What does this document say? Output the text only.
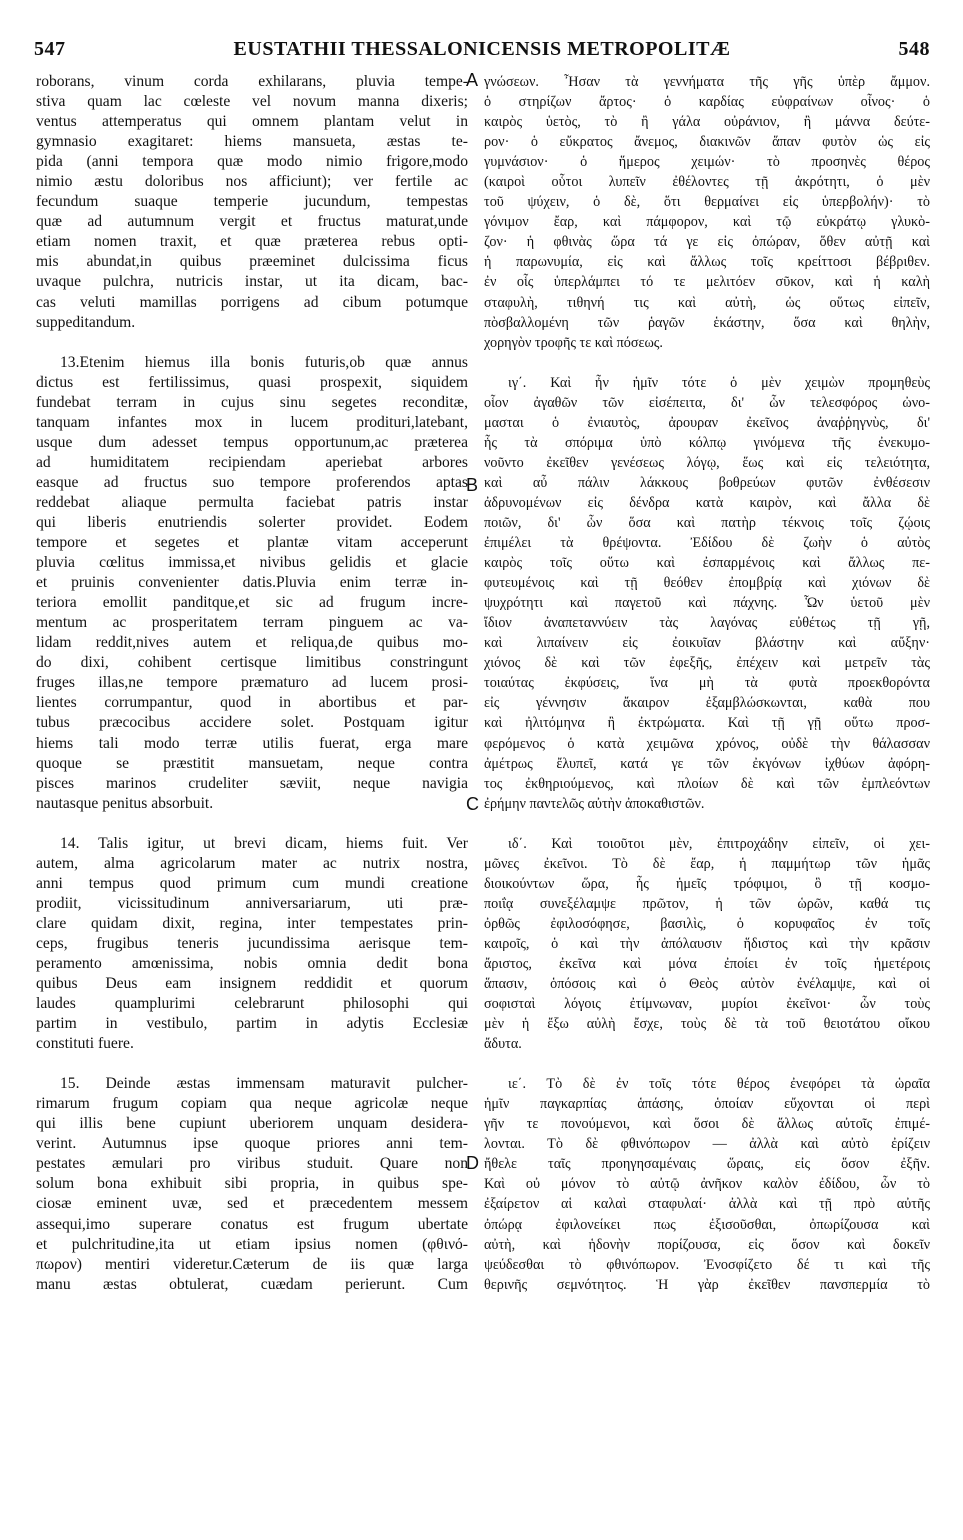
547	EUSTATHII THESSALONICENSIS METROPOLITÆ	548
roborans, vinum corda exhilarans, pluvia tempe-
stiva quam lac cœleste vel novum manna dixeris;
ventus attemperatus qui omnem plantam velut in
gymnasio exagitaret: hiems mansueta, æstas te-
pida (anni tempora quæ modo nimio frigore,modo
nimio æstu doloribus nos afficiunt); ver fertile ac
fecundum suaque temperie jucundum, tempestas
quæ ad autumnum vergit et fructus maturat,unde
etiam nomen traxit, et quæ præterea rebus opti-
mis abundat,in quibus præeminet dulcissima ficus
uvaque pulchra, nutricis instar, ut ita dicam, bac-
cas veluti mamillas porrigens ad cibum potumque
suppeditandum.
13.Etenim hiemus illa bonis futuris,ob quæ annus
dictus est fertilissimus, quasi prospexit, siquidem
fundebat terram in cujus sinu segetes reconditæ,
tanquam infantes mox in lucem prodituri,latebant,
usque dum adesset tempus opportunum,ac præterea
ad humiditatem recipiendam aperiebat arbores
easque ad fructus suo tempore proferendos aptas
reddebat aliaque permulta faciebat patris instar
qui liberis enutriendis solerter providet. Eodem
tempore et segetes et plantæ vitam acceperunt
pluvia cœlitus immissa,et nivibus gelidis et glacie
et pruinis convenienter datis.Pluvia enim terræ in-
teriora emollit panditque,et sic ad frugum incre-
mentum ac prosperitatem terram pinguem ac va-
lidam reddit,nives autem et reliqua,de quibus mo-
do dixi, cohibent certisque limitibus constringunt
fruges illas,ne tempore præmaturo ad lucem prosi-
lientes corrumpantur, quod in abortibus et par-
tubus præcocibus accidere solet. Postquam igitur
hiems tali modo terræ utilis fuerat, erga mare
quoque se præstitit mansuetam, neque contra
pisces marinos crudeliter sæviit, neque navigia
nautasque penitus absorbuit.
14. Talis igitur, ut brevi dicam, hiems fuit. Ver
autem, alma agricolarum mater ac nutrix nostra,
anni tempus quod primum cum mundi creatione
prodiit, vicissitudinum anniversariarum, uti præ-
clare quidam dixit, regina, inter tempestates prin-
ceps, frugibus teneris jucundissima aerisque tem-
peramento amœnissima, nobis omnia dedit bona
quibus Deus eam insignem reddidit et quorum
laudes quamplurimi celebrarunt philosophi qui
partim in vestibulo, partim in adytis Ecclesiæ
constituti fuere.
15. Deinde æstas immensam maturavit pulcher-
rimarum frugum copiam qua neque agricolæ neque
qui illis bene cupiunt uberiorem unquam desidera-
verint. Autumnus ipse quoque priores anni tem-
pestates æmulari pro viribus studuit. Quare non
solum bona exhibuit sibi propria, in quibus spe-
ciosæ eminent uvæ, sed et præcedentem messem
assequi,imo superare conatus est frugum ubertate
et pulchritudine,ita ut etiam ipsius nomen (φθινό-
πωρον) mentiri videretur.Cæterum de iis quæ larga
manu æstas obtulerat, cuædam perierunt. Cum
γνώσεων. Ἦσαν τὰ γεννήματα τῆς γῆς ὑπὲρ ἄμμον.
ὁ στηρίζων ἄρτος· ὁ καρδίας εὐφραίνων οἶνος· ὁ
καιρὸς ὑετὸς, τὸ ἢ γάλα οὐράνιον, ἢ μάννα δεύτε-
ρον· ὁ εὔκρατος ἄνεμος, διακινῶν ἅπαν φυτὸν ὡς εἰς
γυμνάσιον· ὁ ἥμερος χειμών· τὸ προσηνὲς θέρος
(καιροὶ οὗτοι λυπεῖν ἐθέλοντες τῇ ἀκρότητι, ὁ μὲν
τοῦ ψύχειν, ὁ δὲ, ὅτι θερμαίνει εἰς ὑπερβολήν)· τὸ
γόνιμον ἔαρ, καὶ πάμφορον, καὶ τῷ εὐκράτῳ γλυκὸ-
ζον· ἡ φθινὰς ὥρα τά γε εἰς ὀπώραν, ὅθεν αὐτῇ καὶ
ἡ παρωνυμία, εἰς καὶ ἄλλως τοῖς κρείττοσι βέβριθεν.
ἐν οἷς ὑπερλάμπει τό τε μελιτόεν σῦκον, καὶ ἡ καλὴ
σταφυλὴ, τιθηνή τις καὶ αὐτὴ, ὡς οὕτως εἰπεῖν,
πὸσβαλλομένη τῶν ῥαγῶν ἑκάστην, ὅσα καὶ θηλὴν,
χορηγὸν τροφῆς τε καὶ πόσεως.
ιγ΄. Καὶ ἦν ἡμῖν τότε ὁ μὲν χειμὼν προμηθεὺς
οἷον ἀγαθῶν τῶν εἰσέπειτα, δι' ὧν τελεσφόρος ὠνο-
μασται ὁ ἐνιαυτὸς, ἀρουραν ἐκεῖνος ἀναῤῥηγνὺς, δι'
ἧς τὰ σπόριμα ὑπὸ κόλπῳ γινόμενα τῆς ἐνεκυμο-
νοῦντο ἐκεῖθεν γενέσεως λόγῳ, ἕως καὶ εἰς τελειότητα,
καὶ αὖ πάλιν λάκκους βοθρεύων φυτῶν ἐνθέσεσιν
ἀδρυνομένων εἰς δένδρα κατὰ καιρὸν, καὶ ἄλλα δὲ
ποιῶν, δι' ὧν ὅσα καὶ πατὴρ τέκνοις τοῖς ζῴοις
ἐπιμέλει τὰ θρέψοντα. Ἐδίδου δὲ ζωὴν ὁ αὐτὸς
καιρὸς τοῖς οὕτω καὶ ἐσπαρμένοις καὶ ἄλλως πε-
φυτευμένοις καὶ τῇ θεόθεν ἐπομβρίᾳ καὶ χιόνων δὲ
ψυχρότητι καὶ παγετοῦ καὶ πάχνης. Ὧν ὑετοῦ μὲν
ἴδιον ἀναπεταννύειν τὰς λαγόνας εὐθέτως τῇ γῇ,
καὶ λιπαίνειν εἰς ἐοικυῖαν βλάστην καὶ αὔξην·
χιόνος δὲ καὶ τῶν ἐφεξῆς, ἐπέχειν καὶ μετρεῖν τὰς
τοιαύτας ἐκφύσεις, ἵνα μὴ τὰ φυτὰ προεκθορόντα
εἰς γέννησιν ἄκαιρον ἐξαμβλώσκωνται, καθὰ που
καὶ ἠλιτόμηνα ἢ ἐκτρώματα. Καὶ τῇ γῇ οὕτω προσ-
φερόμενος ὁ κατὰ χειμῶνα χρόνος, οὐδὲ τὴν θάλασσαν
ἀμέτρως ἔλυπεῖ, κατά γε τῶν ἐκγόνων ἰχθύων ἀφόρη-
τος ἐκθηριούμενος, καὶ πλοίων δὲ καὶ τῶν ἐμπλεόντων
ἐρήμην παντελῶς αὐτὴν ἀποκαθιστῶν.
ιδ΄. Καὶ τοιοῦτοι μὲν, ἐπιτροχάδην εἰπεῖν, οἱ χει-
μῶνες ἐκεῖνοι. Τὸ δὲ ἔαρ, ἡ παμμήτωρ τῶν ἡμᾶς
διοικούντων ὥρα, ἧς ἡμεῖς τρόφιμοι, ὃ τῇ κοσμο-
ποιΐᾳ συνεξέλαμψε πρῶτον, ἡ τῶν ὡρῶν, καθά τις
ὀρθῶς ἐφιλοσόφησε, βασιλὶς, ὁ κορυφαῖος ἐν τοῖς
καιροῖς, ὁ καὶ τὴν ἀπόλαυσιν ἥδιστος καὶ τὴν κρᾶσιν
ἄριστος, ἐκεῖνα καὶ μόνα ἐποίει ἐν τοῖς ἡμετέροις
ἅπασιν, ὁπόσοις καὶ ὁ Θεὸς αὐτὸν ἐνέλαμψε, καὶ οἱ
σοφισταὶ λόγοις ἐτίμνωναν, μυρίοι ἐκεῖνοι· ὧν τοὺς
μὲν ἡ ἔξω αὐλὴ ἔσχε, τοὺς δὲ τὰ τοῦ θειοτάτου οἴκου
ἄδυτα.
ιε΄. Τὸ δὲ ἐν τοῖς τότε θέρος ἐνεφόρει τὰ ὡραῖα
ἡμῖν παγκαρπίας ἁπάσης, ὁποίαν εὔχονται οἱ περὶ
γῆν τε πονούμενοι, καὶ ὅσοι δὲ ἄλλως αὐτοῖς ἐπιμέ-
λονται. Τὸ δὲ φθινόπωρον — ἀλλὰ καὶ αὐτὸ ἐρίζειν
ἤθελε ταῖς προηγησαμέναις ὥραις, εἰς ὅσον ἐξῆν.
Καὶ οὐ μόνον τὸ αὐτῷ ἀνῆκον καλὸν ἐδίδου, ὧν τὸ
ἐξαίρετον αἱ καλαὶ σταφυλαί· ἀλλὰ καὶ τῇ πρὸ αὐτῆς
ὀπώρᾳ ἐφιλονείκει πως ἐξισοῦσθαι, ὀπωρίζουσα καὶ
αὐτὴ, καὶ ἡδονὴν πορίζουσα, εἰς ὅσον καὶ δοκεῖν
ψεύδεσθαι τὸ φθινόπωρον. Ἐνοσφίζετο δέ τι καὶ τῆς
θερινῆς σεμνότητος. Ἡ γὰρ ἐκεῖθεν πανσπερμία τὸ
A
B
C
D
